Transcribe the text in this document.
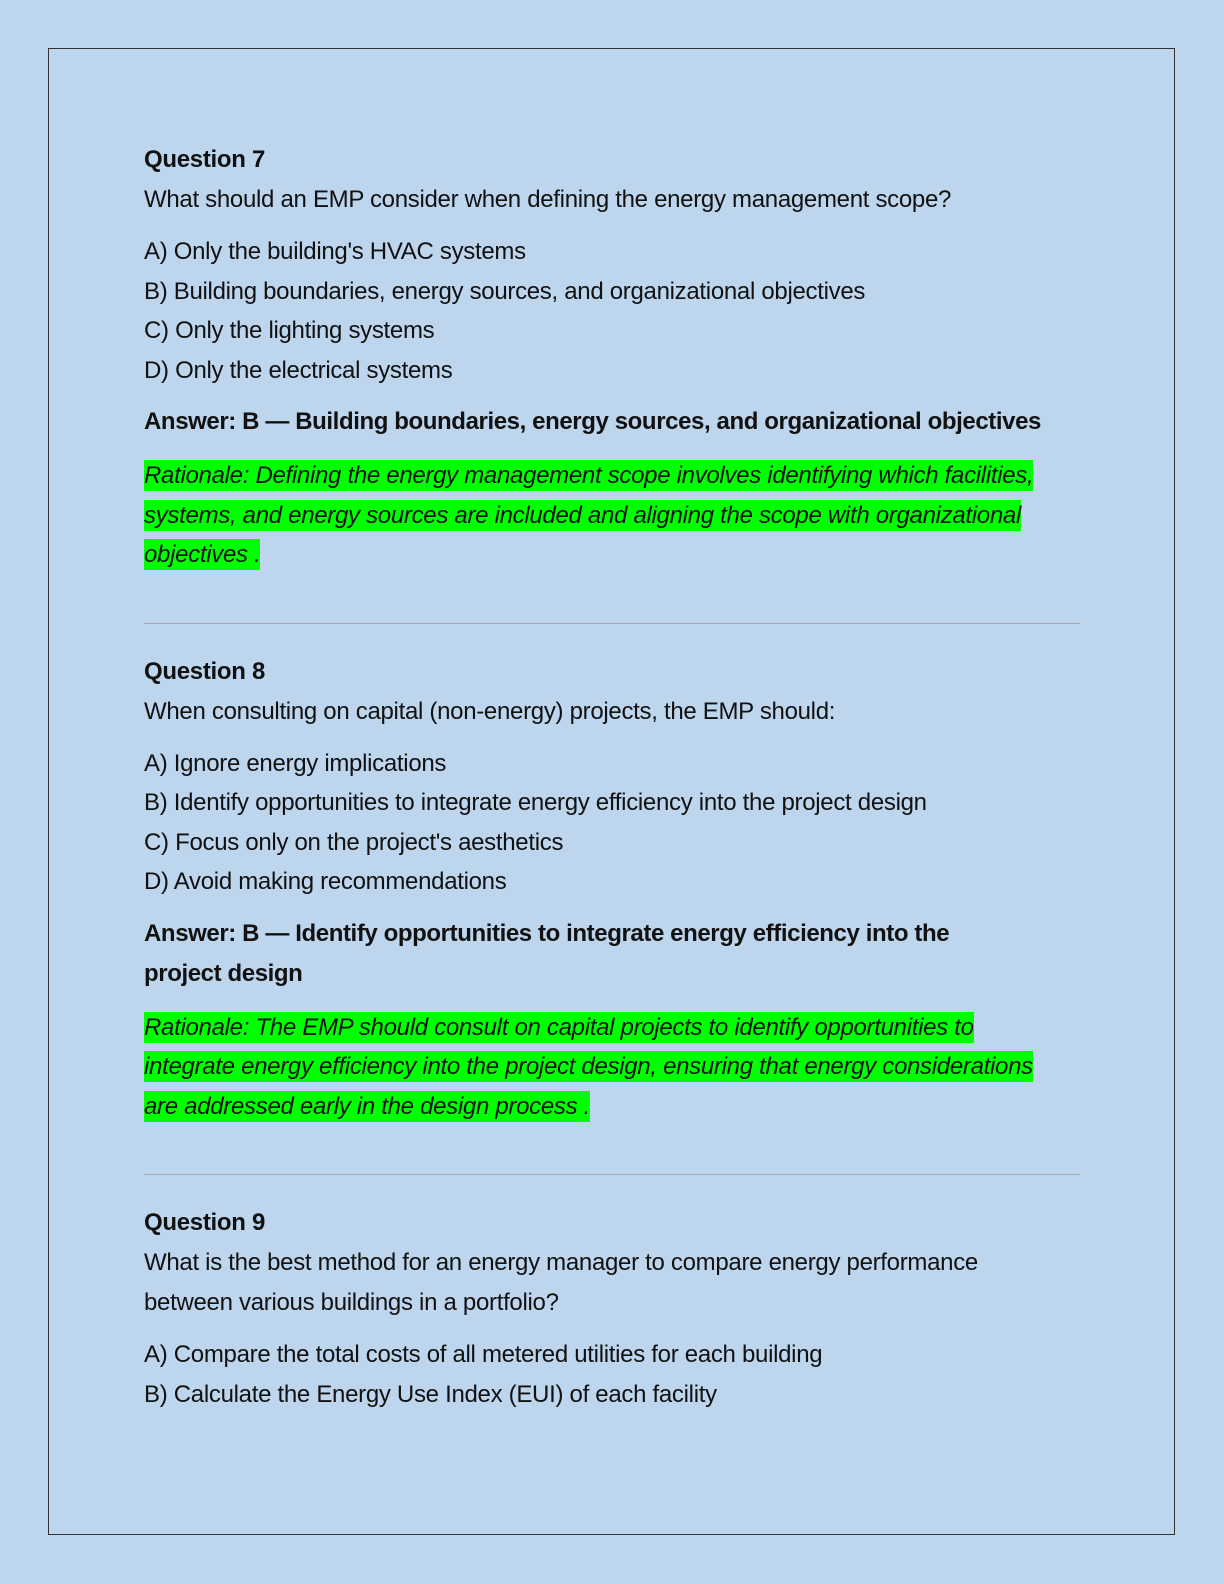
Question 7
What should an EMP consider when defining the energy management scope?
A) Only the building's HVAC systems
B) Building boundaries, energy sources, and organizational objectives
C) Only the lighting systems
D) Only the electrical systems
Answer: B — Building boundaries, energy sources, and organizational objectives

Rationale: Defining the energy management scope involves identifying which facilities, systems, and energy sources are included and aligning the scope with organizational objectives .

Question 8
When consulting on capital (non-energy) projects, the EMP should:
A) Ignore energy implications
B) Identify opportunities to integrate energy efficiency into the project design
C) Focus only on the project's aesthetics
D) Avoid making recommendations
Answer: B — Identify opportunities to integrate energy efficiency into the project design

Rationale: The EMP should consult on capital projects to identify opportunities to integrate energy efficiency into the project design, ensuring that energy considerations are addressed early in the design process .

Question 9
What is the best method for an energy manager to compare energy performance between various buildings in a portfolio?
A) Compare the total costs of all metered utilities for each building
B) Calculate the Energy Use Index (EUI) of each facility
